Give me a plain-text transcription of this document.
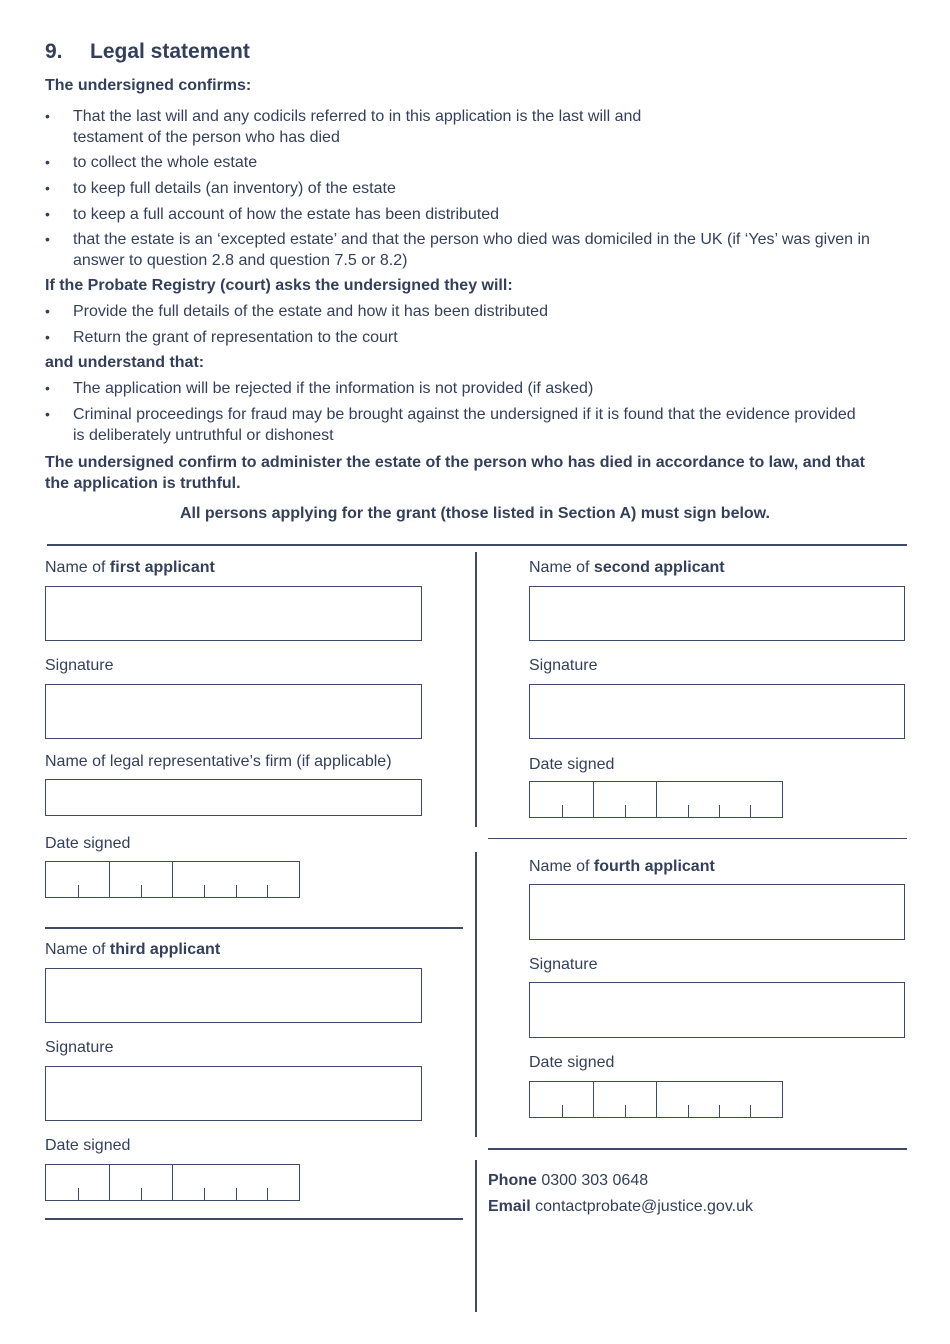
9. Legal statement
The undersigned confirms:
• That the last will and any codicils referred to in this application is the last will and
testament of the person who has died
• to collect the whole estate
• to keep full details (an inventory) of the estate
• to keep a full account of how the estate has been distributed
• that the estate is an ‘excepted estate’ and that the person who died was domiciled in the UK (if ‘Yes’ was given in
answer to question 2.8 and question 7.5 or 8.2)
If the Probate Registry (court) asks the undersigned they will:
• Provide the full details of the estate and how it has been distributed
• Return the grant of representation to the court
and understand that:
• The application will be rejected if the information is not provided (if asked)
• Criminal proceedings for fraud may be brought against the undersigned if it is found that the evidence provided
is deliberately untruthful or dishonest
The undersigned confirm to administer the estate of the person who has died in accordance to law, and that
the application is truthful.
All persons applying for the grant (those listed in Section A) must sign below.
Name of first applicant
Signature
Name of legal representative’s firm (if applicable)
Date signed
Name of second applicant
Signature
Date signed
Name of third applicant
Signature
Date signed
Name of fourth applicant
Signature
Date signed
Phone 0300 303 0648
Email contactprobate@justice.gov.uk
